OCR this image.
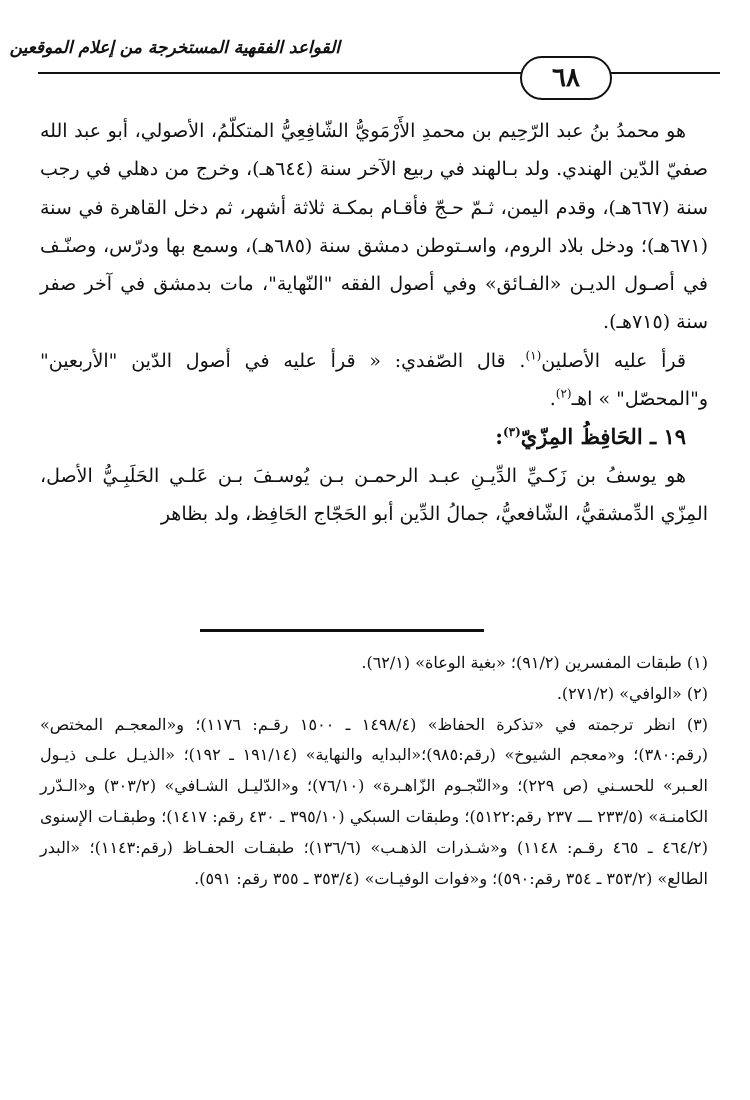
القواعد الفقهية المستخرجة من إعلام الموقعين
٦٨

هو محمدُ بنُ عبد الرّحِيم بن محمدِ الأَرْمَويُّ الشّافِعِيُّ المتكلّمُ، الأصولي، أبو عبد الله صفيّ الدّين الهندي. ولد بـالهند في ربيع الآخر سنة (٦٤٤هـ)، وخرج من دهلي في رجب سنة (٦٦٧هـ)، وقدم اليمن، ثـمّ حـجّ فأقـام بمكـة ثلاثة أشهر، ثم دخل القاهرة في سنة (٦٧١هـ)؛ ودخل بلاد الروم، واسـتوطن دمشق سنة (٦٨٥هـ)، وسمع بها ودرّس، وصنّـف في أصـول الديـن «الفـائق» وفي أصول الفقه "النّهاية"، مات بدمشق في آخر صفر سنة (٧١٥هـ).

قرأ عليه الأصلين$^{(١)}$. قال الصّفدي: « قرأ عليه في أصول الدّين "الأربعين" و"المحصّل" » اهـ$^{(٢)}$.

١٩ ـ الحَافِظُ المِزّيّ$^{(٣)}$:

هو يوسفُ بن زَكـيِّ الدِّيـنِ عبـد الرحمـن بـن يُوسـفَ بـن عَلـي الحَلَبِـيُّ الأصل، المِزّي الدِّمشقيُّ، الشّافعيُّ، جمالُ الدِّين أبو الحَجّاج الحَافِظ، ولد بظاهر

(١) طبقات المفسرين (٩١/٢)؛ «بغية الوعاة» (٦٢/١).

(٢) «الوافي» (٢٧١/٢).

(٣) انظر ترجمته في «تذكرة الحفاظ» (١٤٩٨/٤ ـ ١٥٠٠ رقـم: ١١٧٦)؛ و«المعجـم المختص» (رقم:٣٨٠)؛ و«معجم الشيوخ» (رقم:٩٨٥)؛«البدايه والنهاية» (١٩١/١٤ ـ ١٩٢)؛ «الذيـل علـى ذيـول العـبر» للحسـني (ص ٢٢٩)؛ و«النّجـوم الزّاهـرة» (٧٦/١٠)؛ و«الدّليـل الشـافي» (٣٠٣/٢) و«الـدّرر الكامنـة» (٢٣٣/٥ ـــ ٢٣٧ رقم:٥١٢٢)؛ وطبقات السبكي (٣٩٥/١٠ ـ ٤٣٠ رقم: ١٤١٧)؛ وطبقـات الإسنوى (٤٦٤/٢ ـ ٤٦٥ رقـم: ١١٤٨) و«شـذرات الذهـب» (١٣٦/٦)؛ طبقـات الحفـاظ (رقم:١١٤٣)؛ «البدر الطالع» (٣٥٣/٢ ـ ٣٥٤ رقم:٥٩٠)؛ و«فوات الوفيـات» (٣٥٣/٤ ـ ٣٥٥ رقم: ٥٩١).
